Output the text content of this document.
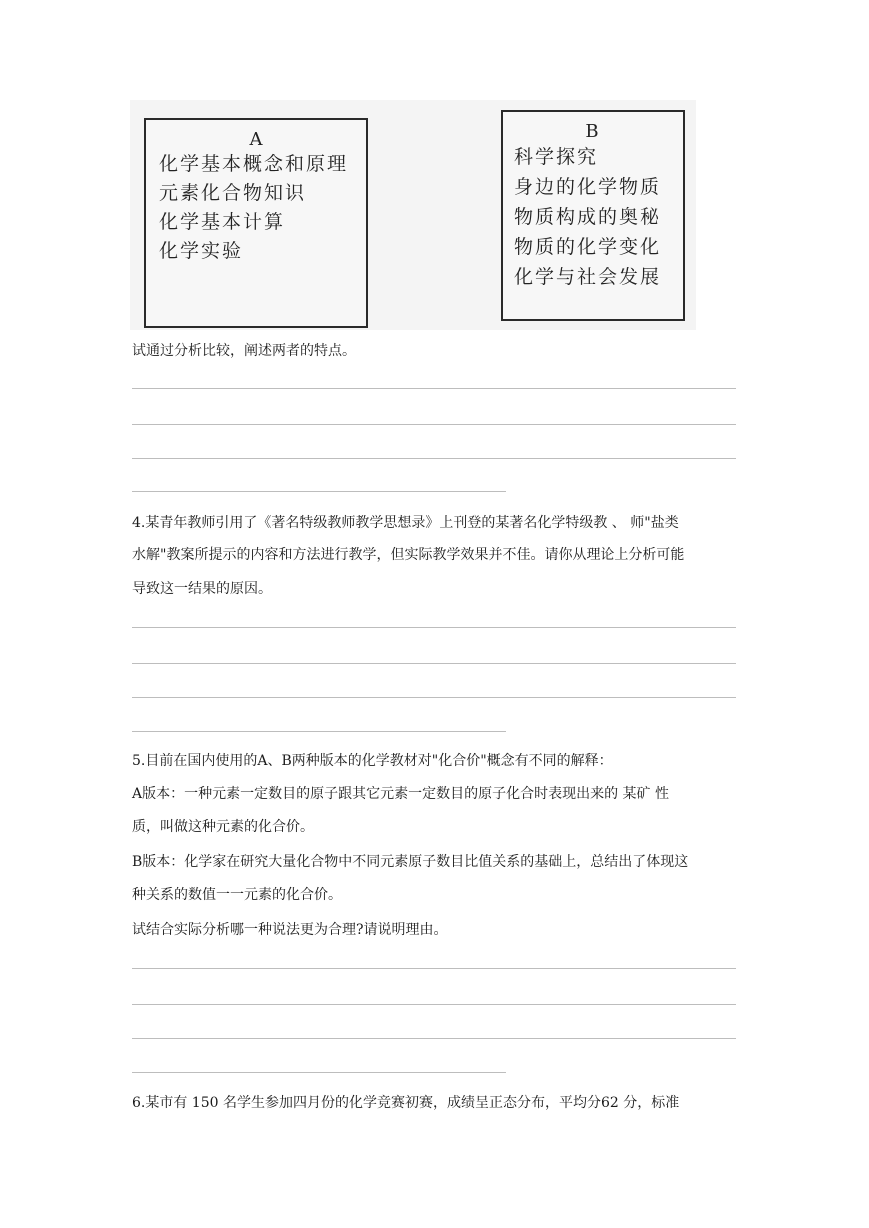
A
化学基本概念和原理
元素化合物知识
化学基本计算
化学实验
B
科学探究
身边的化学物质
物质构成的奥秘
物质的化学变化
化学与社会发展
试通过分析比较，阐述两者的特点。
4.某青年教师引用了《著名特级教师教学思想录》上刊登的某著名化学特级教 、 师"盐类
水解"教案所提示的内容和方法进行教学，但实际教学效果并不佳。请你从理论上分析可能
导致这一结果的原因。
5.目前在国内使用的A、B两种版本的化学教材对"化合价"概念有不同的解释：
A版本：一种元素一定数目的原子跟其它元素一定数目的原子化合时表现出来的 某矿 性
质，叫做这种元素的化合价。
B版本：化学家在研究大量化合物中不同元素原子数目比值关系的基础上，总结出了体现这
种关系的数值一一元素的化合价。
试结合实际分析哪一种说法更为合理?请说明理由。
6.某市有 150 名学生参加四月份的化学竞赛初赛，成绩呈正态分布，平均分62 分，标准
